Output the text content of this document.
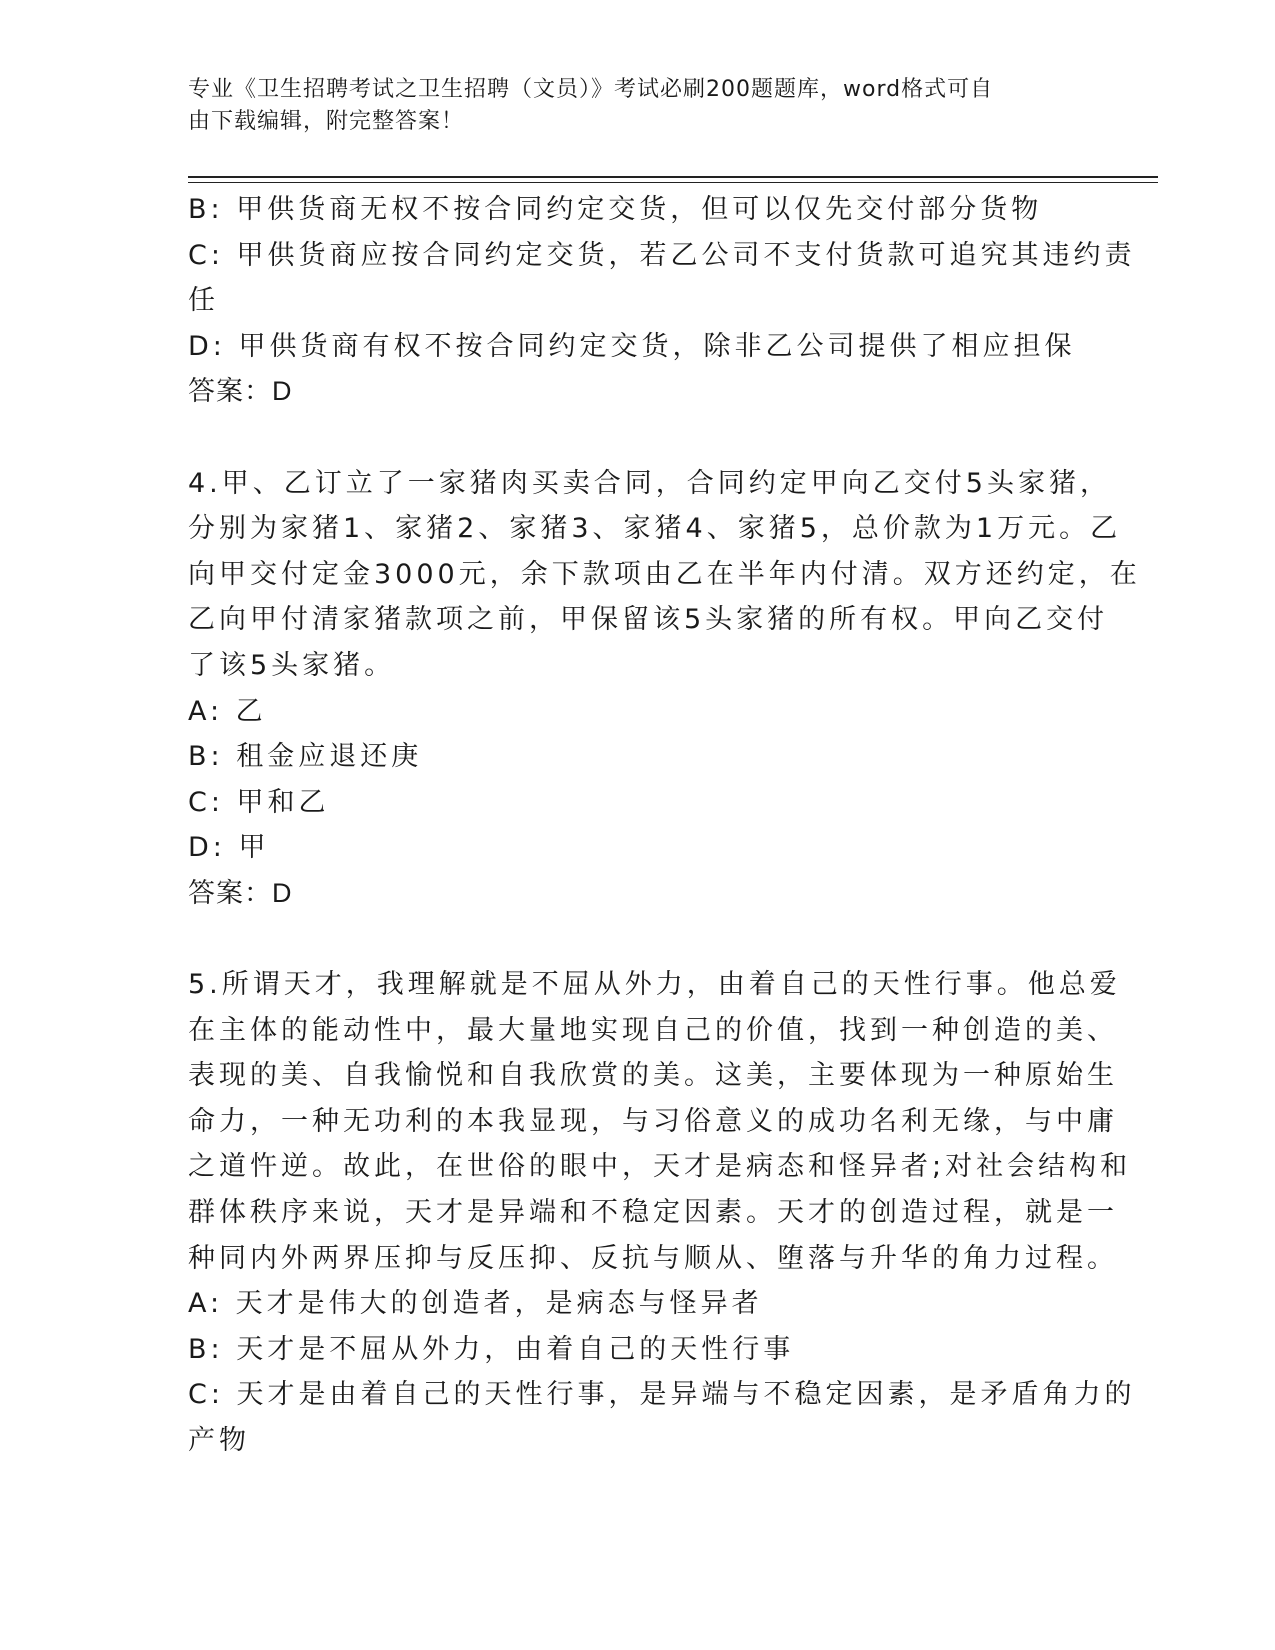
专业《卫生招聘考试之卫生招聘（文员）》考试必刷200题题库，word格式可自
由下载编辑，附完整答案！
B: 甲供货商无权不按合同约定交货，但可以仅先交付部分货物
C: 甲供货商应按合同约定交货，若乙公司不支付货款可追究其违约责
任
D: 甲供货商有权不按合同约定交货，除非乙公司提供了相应担保
答案：D
4.甲、乙订立了一家猪肉买卖合同，合同约定甲向乙交付5头家猪，
分别为家猪1、家猪2、家猪3、家猪4、家猪5，总价款为1万元。乙
向甲交付定金3000元，余下款项由乙在半年内付清。双方还约定，在
乙向甲付清家猪款项之前，甲保留该5头家猪的所有权。甲向乙交付
了该5头家猪。
A: 乙
B: 租金应退还庚
C: 甲和乙
D: 甲
答案：D
5.所谓天才，我理解就是不屈从外力，由着自己的天性行事。他总爱
在主体的能动性中，最大量地实现自己的价值，找到一种创造的美、
表现的美、自我愉悦和自我欣赏的美。这美，主要体现为一种原始生
命力，一种无功利的本我显现，与习俗意义的成功名利无缘，与中庸
之道忤逆。故此，在世俗的眼中，天才是病态和怪异者;对社会结构和
群体秩序来说，天才是异端和不稳定因素。天才的创造过程，就是一
种同内外两界压抑与反压抑、反抗与顺从、堕落与升华的角力过程。
A: 天才是伟大的创造者，是病态与怪异者
B: 天才是不屈从外力，由着自己的天性行事
C: 天才是由着自己的天性行事，是异端与不稳定因素，是矛盾角力的
产物
